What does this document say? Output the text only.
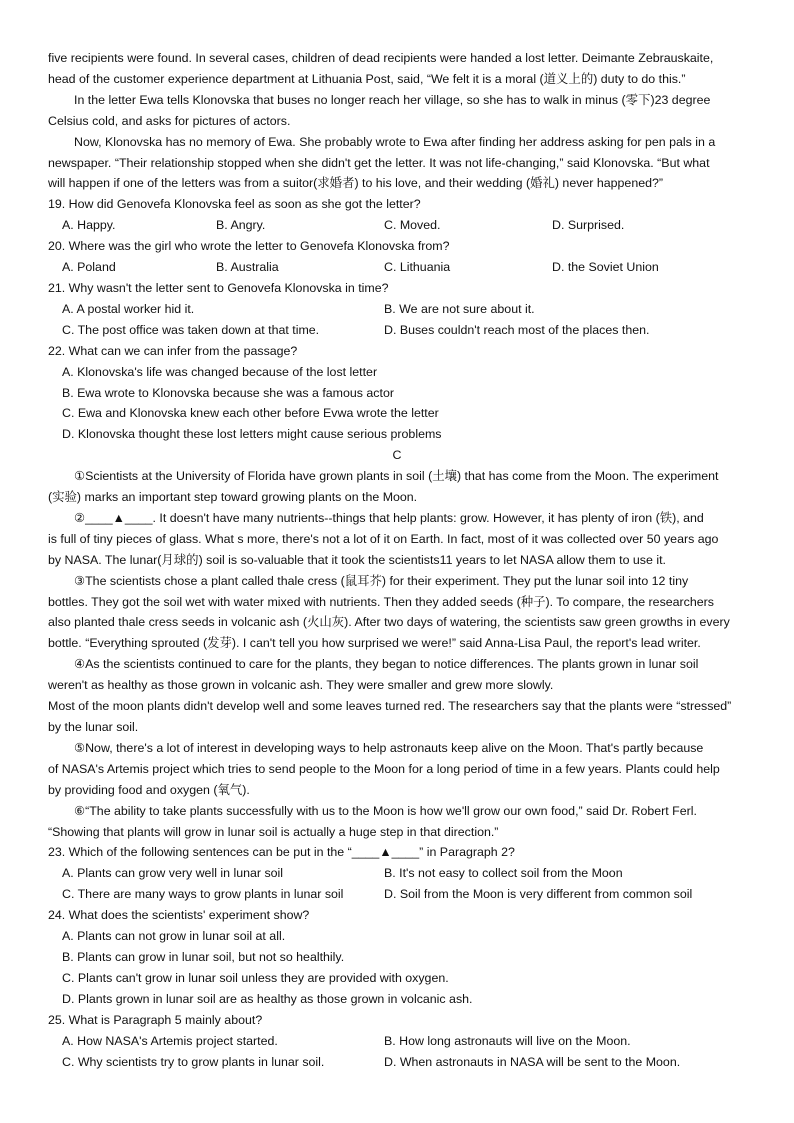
five recipients were found. In several cases, children of dead recipients were handed a lost letter. Deimante Zebrauskaite,
head of the customer experience department at Lithuania Post, said, “We felt it is a moral (道义上的) duty to do this.”
In the letter Ewa tells Klonovska that buses no longer reach her village, so she has to walk in minus (零下)23 degree
Celsius cold, and asks for pictures of actors.
Now, Klonovska has no memory of Ewa. She probably wrote to Ewa after finding her address asking for pen pals in a
newspaper. “Their relationship stopped when she didn't get the letter. It was not life-changing,” said Klonovska. “But what
will happen if one of the letters was from a suitor(求婚者) to his love, and their wedding (婚礼) never happened?”
19. How did Genovefa Klonovska feel as soon as she got the letter?
A. Happy.	B. Angry.	C. Moved.	D. Surprised.
20. Where was the girl who wrote the letter to Genovefa Klonovska from?
A. Poland	B. Australia	C. Lithuania	D. the Soviet Union
21. Why wasn't the letter sent to Genovefa Klonovska in time?
A. A postal worker hid it.	B. We are not sure about it.
C. The post office was taken down at that time.	D. Buses couldn't reach most of the places then.
22. What can we can infer from the passage?
A. Klonovska's life was changed because of the lost letter
B. Ewa wrote to Klonovska because she was a famous actor
C. Ewa and Klonovska knew each other before Evwa wrote the letter
D. Klonovska thought these lost letters might cause serious problems
C
①Scientists at the University of Florida have grown plants in soil (土壤) that has come from the Moon. The experiment
(实验) marks an important step toward growing plants on the Moon.
②____▲____. It doesn't have many nutrients--things that help plants: grow. However, it has plenty of iron (铁), and
is full of tiny pieces of glass. What s more, there's not a lot of it on Earth. In fact, most of it was collected over 50 years ago
by NASA. The lunar(月球的) soil is so-valuable that it took the scientists11 years to let NASA allow them to use it.
③The scientists chose a plant called thale cress (鼠耳芥) for their experiment. They put the lunar soil into 12 tiny
bottles. They got the soil wet with water mixed with nutrients. Then they added seeds (种子). To compare, the researchers
also planted thale cress seeds in volcanic ash (火山灰). After two days of watering, the scientists saw green growths in every
bottle. “Everything sprouted (发芽). I can't tell you how surprised we were!” said Anna-Lisa Paul, the report's lead writer.
④As the scientists continued to care for the plants, they began to notice differences. The plants grown in lunar soil
weren't as healthy as those grown in volcanic ash. They were smaller and grew more slowly.
Most of the moon plants didn't develop well and some leaves turned red. The researchers say that the plants were “stressed”
by the lunar soil.
⑤Now, there's a lot of interest in developing ways to help astronauts keep alive on the Moon. That's partly because
of NASA's Artemis project which tries to send people to the Moon for a long period of time in a few years. Plants could help
by providing food and oxygen (氧气).
⑥“The ability to take plants successfully with us to the Moon is how we'll grow our own food,” said Dr. Robert Ferl.
“Showing that plants will grow in lunar soil is actually a huge step in that direction.”
23. Which of the following sentences can be put in the “____▲____” in Paragraph 2?
A. Plants can grow very well in lunar soil	B. It's not easy to collect soil from the Moon
C. There are many ways to grow plants in lunar soil	D. Soil from the Moon is very different from common soil
24. What does the scientists' experiment show?
A. Plants can not grow in lunar soil at all.
B. Plants can grow in lunar soil, but not so healthily.
C. Plants can't grow in lunar soil unless they are provided with oxygen.
D. Plants grown in lunar soil are as healthy as those grown in volcanic ash.
25. What is Paragraph 5 mainly about?
A. How NASA's Artemis project started.	B. How long astronauts will live on the Moon.
C. Why scientists try to grow plants in lunar soil.	D. When astronauts in NASA will be sent to the Moon.
